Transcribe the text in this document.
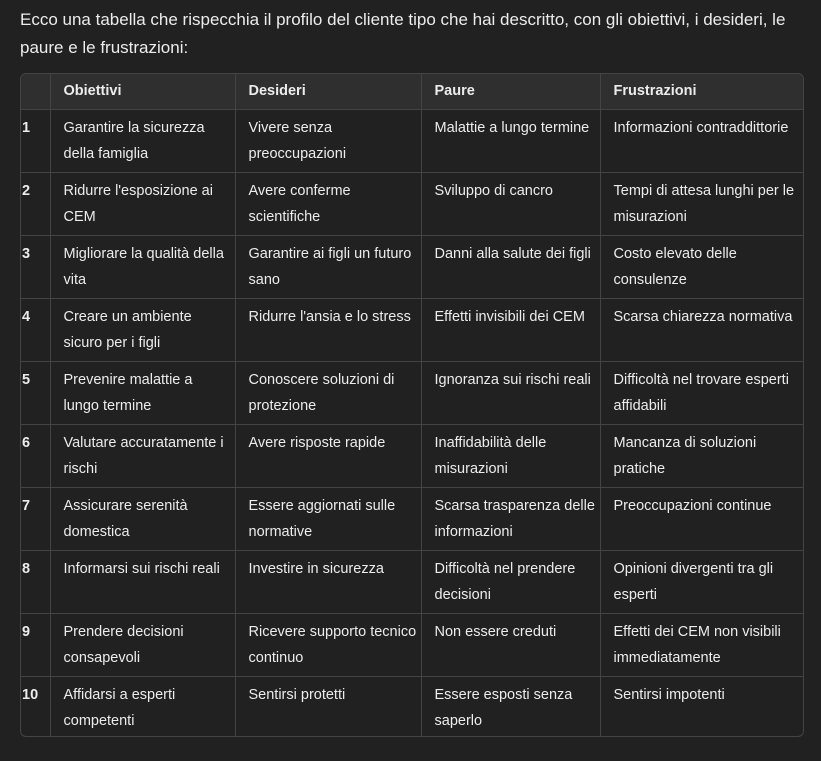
Ecco una tabella che rispecchia il profilo del cliente tipo che hai descritto, con gli obiettivi, i desideri, le paure e le frustrazioni:
	Obiettivi	Desideri	Paure	Frustrazioni
1	Garantire la sicurezza della famiglia	Vivere senza preoccupazioni	Malattie a lungo termine	Informazioni contraddittorie
2	Ridurre l'esposizione ai CEM	Avere conferme scientifiche	Sviluppo di cancro	Tempi di attesa lunghi per le misurazioni
3	Migliorare la qualità della vita	Garantire ai figli un futuro sano	Danni alla salute dei figli	Costo elevato delle consulenze
4	Creare un ambiente sicuro per i figli	Ridurre l'ansia e lo stress	Effetti invisibili dei CEM	Scarsa chiarezza normativa
5	Prevenire malattie a lungo termine	Conoscere soluzioni di protezione	Ignoranza sui rischi reali	Difficoltà nel trovare esperti affidabili
6	Valutare accuratamente i rischi	Avere risposte rapide	Inaffidabilità delle misurazioni	Mancanza di soluzioni pratiche
7	Assicurare serenità domestica	Essere aggiornati sulle normative	Scarsa trasparenza delle informazioni	Preoccupazioni continue
8	Informarsi sui rischi reali	Investire in sicurezza	Difficoltà nel prendere decisioni	Opinioni divergenti tra gli esperti
9	Prendere decisioni consapevoli	Ricevere supporto tecnico continuo	Non essere creduti	Effetti dei CEM non visibili immediatamente
10	Affidarsi a esperti competenti	Sentirsi protetti	Essere esposti senza saperlo	Sentirsi impotenti
